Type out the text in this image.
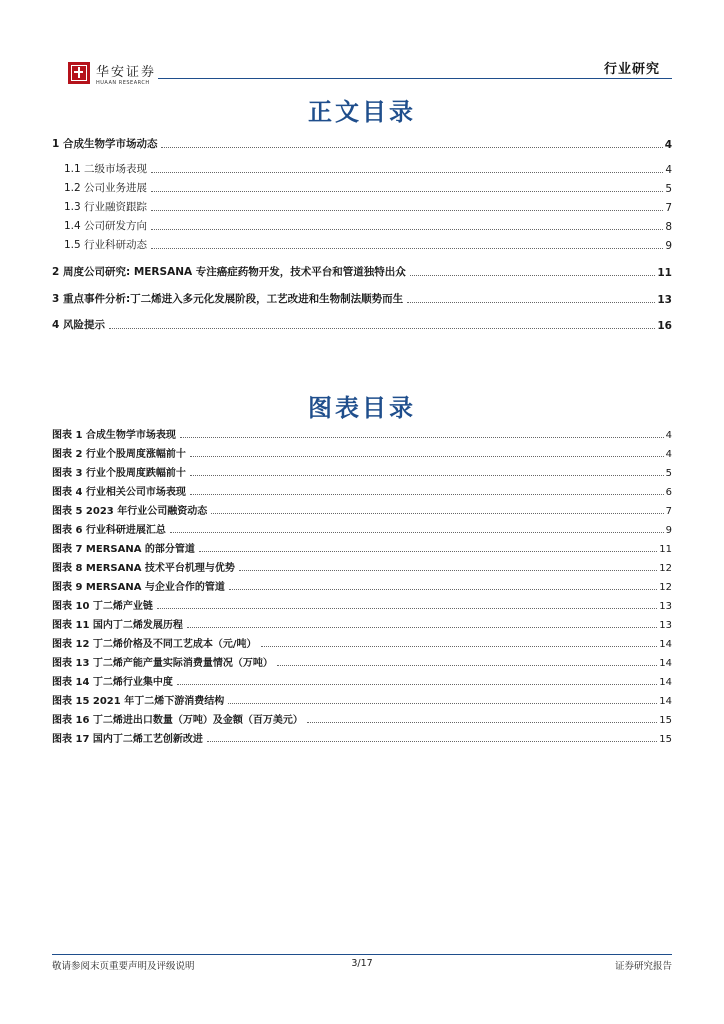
华安证券
HUAAN RESEARCH
行业研究
正文目录
1 合成生物学市场动态	4
1.1 二级市场表现	4
1.2 公司业务进展	5
1.3 行业融资跟踪	7
1.4 公司研发方向	8
1.5 行业科研动态	9
2 周度公司研究: MERSANA 专注癌症药物开发，技术平台和管道独特出众	11
3 重点事件分析:丁二烯进入多元化发展阶段，工艺改进和生物制法顺势而生	13
4 风险提示	16
图表目录
图表 1 合成生物学市场表现	4
图表 2 行业个股周度涨幅前十	4
图表 3 行业个股周度跌幅前十	5
图表 4 行业相关公司市场表现	6
图表 5 2023 年行业公司融资动态	7
图表 6 行业科研进展汇总	9
图表 7 MERSANA 的部分管道	11
图表 8 MERSANA 技术平台机理与优势	12
图表 9 MERSANA 与企业合作的管道	12
图表 10 丁二烯产业链	13
图表 11 国内丁二烯发展历程	13
图表 12 丁二烯价格及不同工艺成本（元/吨）	14
图表 13 丁二烯产能产量实际消费量情况（万吨）	14
图表 14 丁二烯行业集中度	14
图表 15 2021 年丁二烯下游消费结构	14
图表 16 丁二烯进出口数量（万吨）及金额（百万美元）	15
图表 17 国内丁二烯工艺创新改进	15
敬请参阅末页重要声明及评级说明	3/17	证券研究报告
